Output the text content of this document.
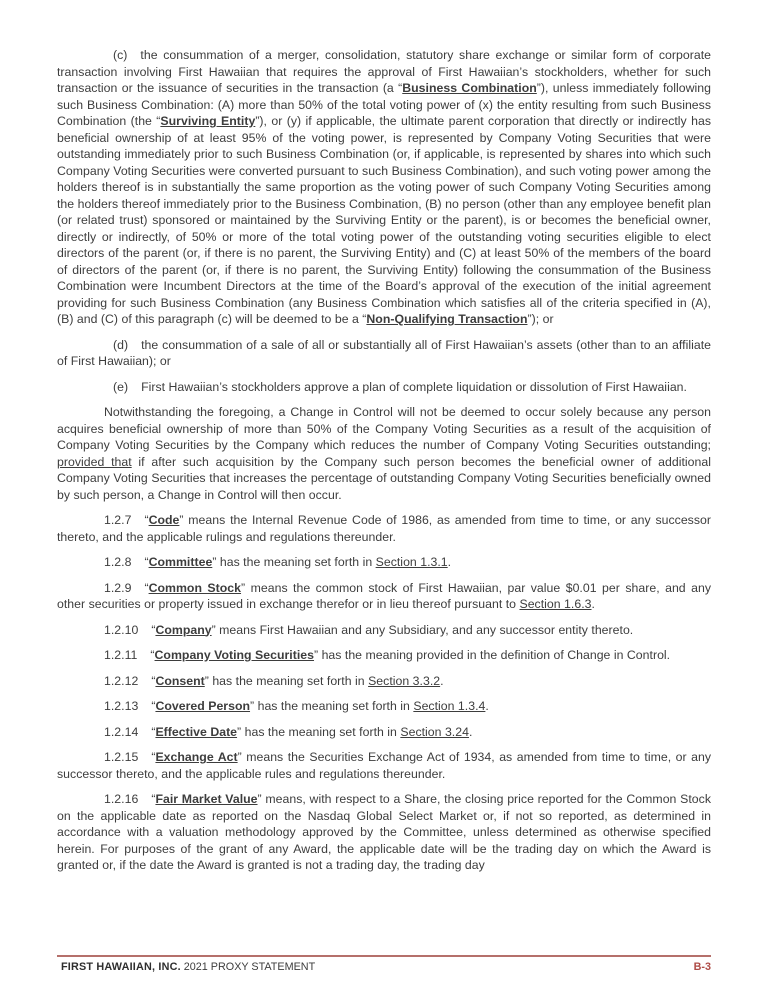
(c) the consummation of a merger, consolidation, statutory share exchange or similar form of corporate transaction involving First Hawaiian that requires the approval of First Hawaiian’s stockholders, whether for such transaction or the issuance of securities in the transaction (a “Business Combination”), unless immediately following such Business Combination: (A) more than 50% of the total voting power of (x) the entity resulting from such Business Combination (the “Surviving Entity”), or (y) if applicable, the ultimate parent corporation that directly or indirectly has beneficial ownership of at least 95% of the voting power, is represented by Company Voting Securities that were outstanding immediately prior to such Business Combination (or, if applicable, is represented by shares into which such Company Voting Securities were converted pursuant to such Business Combination), and such voting power among the holders thereof is in substantially the same proportion as the voting power of such Company Voting Securities among the holders thereof immediately prior to the Business Combination, (B) no person (other than any employee benefit plan (or related trust) sponsored or maintained by the Surviving Entity or the parent), is or becomes the beneficial owner, directly or indirectly, of 50% or more of the total voting power of the outstanding voting securities eligible to elect directors of the parent (or, if there is no parent, the Surviving Entity) and (C) at least 50% of the members of the board of directors of the parent (or, if there is no parent, the Surviving Entity) following the consummation of the Business Combination were Incumbent Directors at the time of the Board’s approval of the execution of the initial agreement providing for such Business Combination (any Business Combination which satisfies all of the criteria specified in (A), (B) and (C) of this paragraph (c) will be deemed to be a “Non-Qualifying Transaction”); or

(d) the consummation of a sale of all or substantially all of First Hawaiian’s assets (other than to an affiliate of First Hawaiian); or

(e) First Hawaiian’s stockholders approve a plan of complete liquidation or dissolution of First Hawaiian.

Notwithstanding the foregoing, a Change in Control will not be deemed to occur solely because any person acquires beneficial ownership of more than 50% of the Company Voting Securities as a result of the acquisition of Company Voting Securities by the Company which reduces the number of Company Voting Securities outstanding; provided that if after such acquisition by the Company such person becomes the beneficial owner of additional Company Voting Securities that increases the percentage of outstanding Company Voting Securities beneficially owned by such person, a Change in Control will then occur.

1.2.7 “Code” means the Internal Revenue Code of 1986, as amended from time to time, or any successor thereto, and the applicable rulings and regulations thereunder.

1.2.8 “Committee” has the meaning set forth in Section 1.3.1.

1.2.9 “Common Stock” means the common stock of First Hawaiian, par value $0.01 per share, and any other securities or property issued in exchange therefor or in lieu thereof pursuant to Section 1.6.3.

1.2.10 “Company” means First Hawaiian and any Subsidiary, and any successor entity thereto.

1.2.11 “Company Voting Securities” has the meaning provided in the definition of Change in Control.

1.2.12 “Consent” has the meaning set forth in Section 3.3.2.

1.2.13 “Covered Person” has the meaning set forth in Section 1.3.4.

1.2.14 “Effective Date” has the meaning set forth in Section 3.24.

1.2.15 “Exchange Act” means the Securities Exchange Act of 1934, as amended from time to time, or any successor thereto, and the applicable rules and regulations thereunder.

1.2.16 “Fair Market Value” means, with respect to a Share, the closing price reported for the Common Stock on the applicable date as reported on the Nasdaq Global Select Market or, if not so reported, as determined in accordance with a valuation methodology approved by the Committee, unless determined as otherwise specified herein. For purposes of the grant of any Award, the applicable date will be the trading day on which the Award is granted or, if the date the Award is granted is not a trading day, the trading day

FIRST HAWAIIAN, INC. 2021 PROXY STATEMENT	B-3
